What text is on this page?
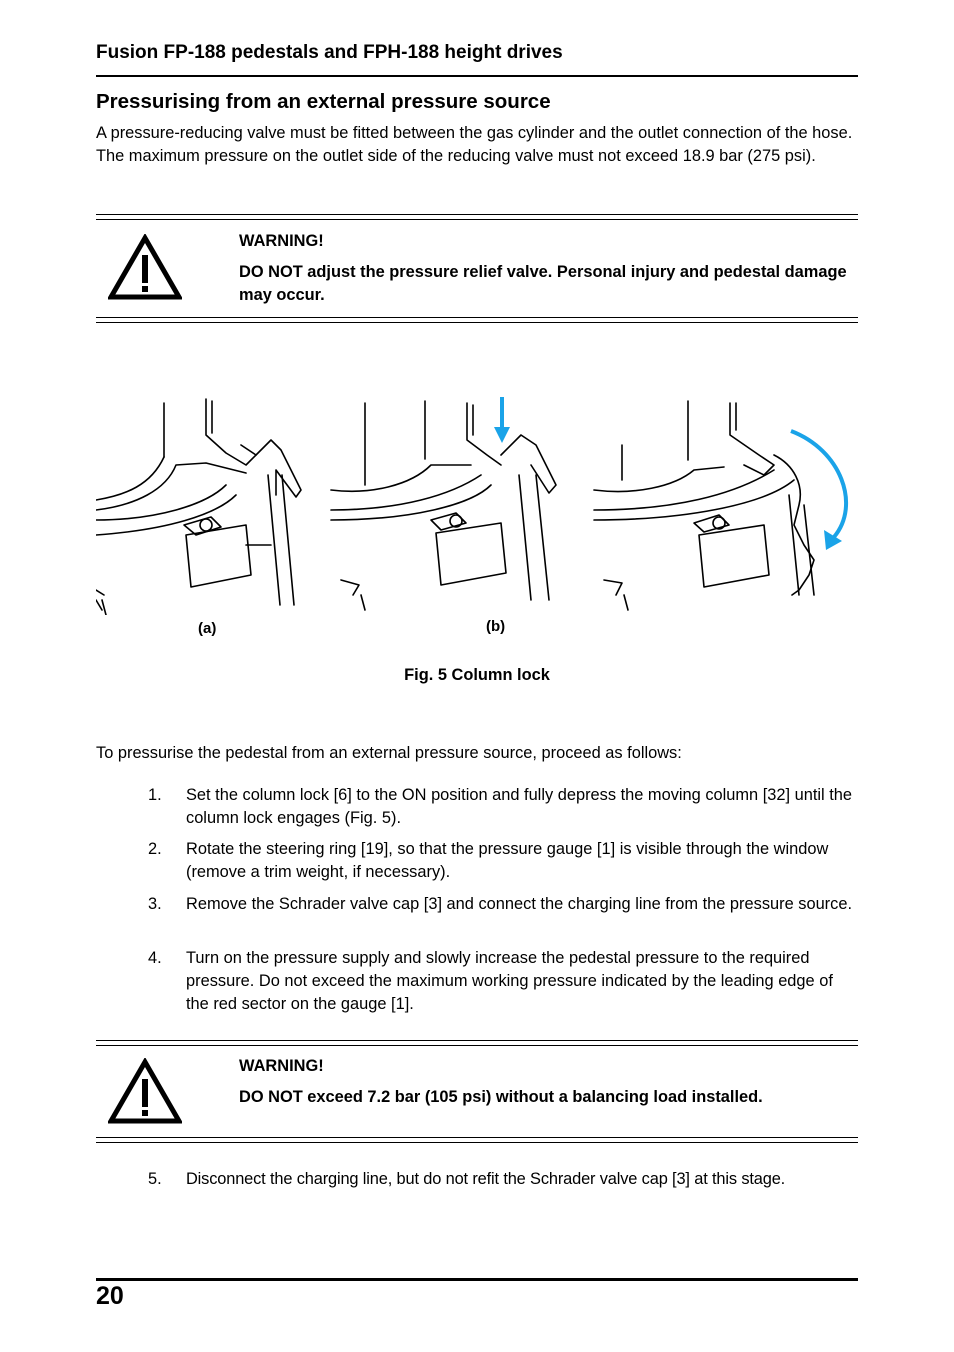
Fusion FP-188 pedestals and FPH-188 height drives
Pressurising from an external pressure source
A pressure-reducing valve must be fitted between the gas cylinder and the outlet connection of the hose. The maximum pressure on the outlet side of the reducing valve must not exceed 18.9 bar (275 psi).
WARNING!
DO NOT adjust the pressure relief valve. Personal injury and pedestal damage may occur.
(a)	(b)
Fig. 5 Column lock
To pressurise the pedestal from an external pressure source, proceed as follows:
1. Set the column lock [6] to the ON position and fully depress the moving column [32] until the column lock engages (Fig. 5).
2. Rotate the steering ring [19], so that the pressure gauge [1] is visible through the window (remove a trim weight, if necessary).
3. Remove the Schrader valve cap [3] and connect the charging line from the pressure source.
4. Turn on the pressure supply and slowly increase the pedestal pressure to the required pressure. Do not exceed the maximum working pressure indicated by the leading edge of the red sector on the gauge [1].
WARNING!
DO NOT exceed 7.2 bar (105 psi) without a balancing load installed.
5. Disconnect the charging line, but do not refit the Schrader valve cap [3] at this stage.
20
